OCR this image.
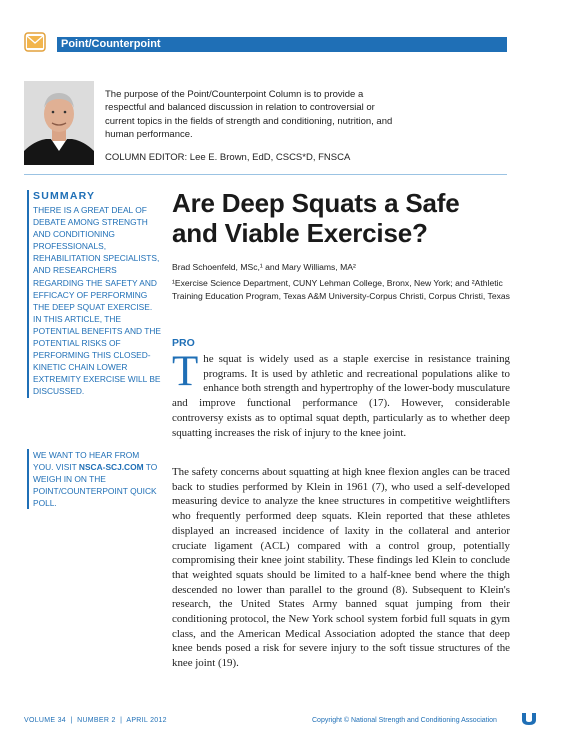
Point/Counterpoint
The purpose of the Point/Counterpoint Column is to provide a respectful and balanced discussion in relation to controversial or current topics in the fields of strength and conditioning, nutrition, and human performance.
COLUMN EDITOR: Lee E. Brown, EdD, CSCS*D, FNSCA
SUMMARY

THERE IS A GREAT DEAL OF DEBATE AMONG STRENGTH AND CONDITIONING PROFESSIONALS, REHABILITATION SPECIALISTS, AND RESEARCHERS REGARDING THE SAFETY AND EFFICACY OF PERFORMING THE DEEP SQUAT EXERCISE. IN THIS ARTICLE, THE POTENTIAL BENEFITS AND THE POTENTIAL RISKS OF PERFORMING THIS CLOSED-KINETIC CHAIN LOWER EXTREMITY EXERCISE WILL BE DISCUSSED.

WE WANT TO HEAR FROM YOU. VISIT NSCA-SCJ.COM TO WEIGH IN ON THE POINT/COUNTERPOINT QUICK POLL.
Are Deep Squats a Safe and Viable Exercise?
Brad Schoenfeld, MSc,¹ and Mary Williams, MA²
¹Exercise Science Department, CUNY Lehman College, Bronx, New York; and ²Athletic Training Education Program, Texas A&M University-Corpus Christi, Corpus Christi, Texas
PRO

The squat is widely used as a staple exercise in resistance training programs. It is used by athletic and recreational populations alike to enhance both strength and hypertrophy of the lower-body musculature and improve functional performance (17). However, considerable controversy exists as to optimal squat depth, particularly as to whether deep squatting increases the risk of injury to the knee joint.

The safety concerns about squatting at high knee flexion angles can be traced back to studies performed by Klein in 1961 (7), who used a self-developed measuring device to analyze the knee structures in competitive weightlifters who frequently performed deep squats. Klein reported that these athletes displayed an increased incidence of laxity in the collateral and anterior cruciate ligament (ACL) compared with a control group, potentially compromising their knee joint stability. These findings led Klein to conclude that weighted squats should be limited to a half-knee bend where the thigh descended no lower than parallel to the ground (8). Subsequent to Klein's research, the United States Army banned squat jumping from their conditioning protocol, the New York school system forbid full squats in gym class, and the American Medical Association adopted the stance that deep knee bends posed a risk for severe injury to the soft tissue structures of the knee joint (19).

VOLUME 34  |  NUMBER 2  |  APRIL 2012	Copyright © National Strength and Conditioning Association
